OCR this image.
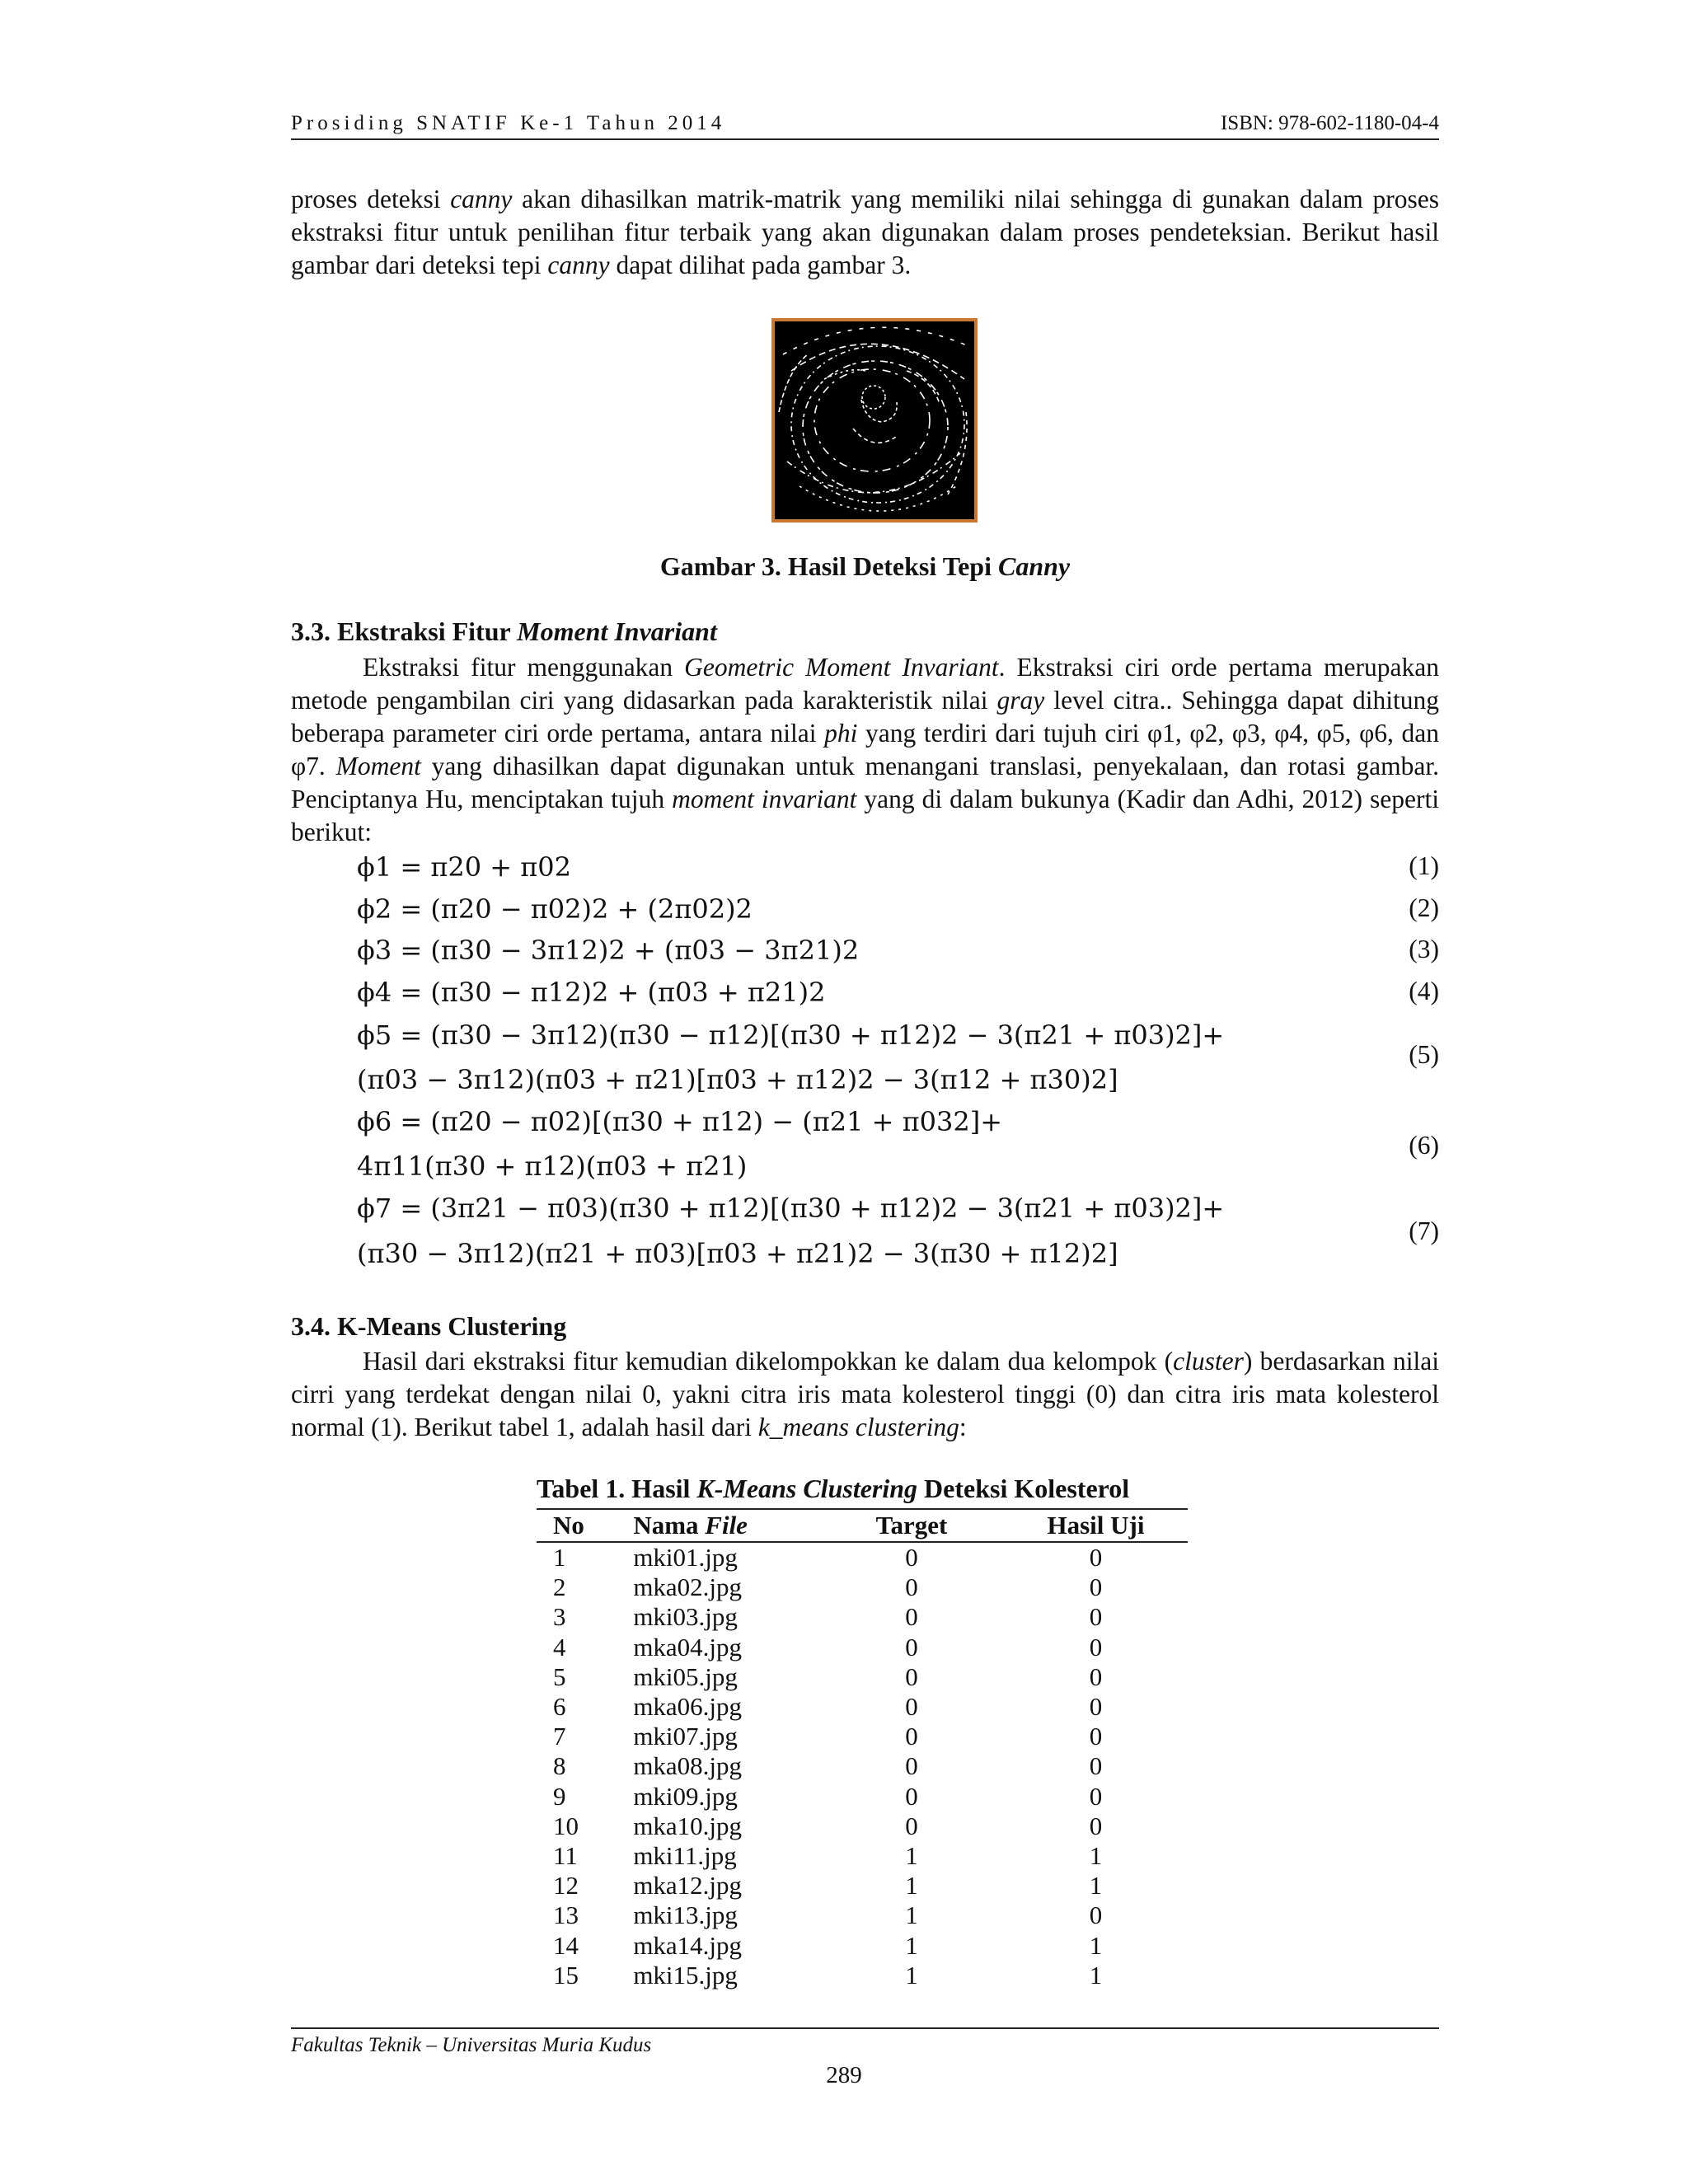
Prosiding SNATIF Ke-1 Tahun 2014	ISBN: 978-602-1180-04-4

proses deteksi canny akan dihasilkan matrik-matrik yang memiliki nilai sehingga di gunakan dalam proses ekstraksi fitur untuk penilihan fitur terbaik yang akan digunakan dalam proses pendeteksian. Berikut hasil gambar dari deteksi tepi canny dapat dilihat pada gambar 3.

Gambar 3. Hasil Deteksi Tepi Canny
3.3. Ekstraksi Fitur Moment Invariant

Ekstraksi fitur menggunakan Geometric Moment Invariant. Ekstraksi ciri orde pertama merupakan metode pengambilan ciri yang didasarkan pada karakteristik nilai gray level citra.. Sehingga dapat dihitung beberapa parameter ciri orde pertama, antara nilai phi yang terdiri dari tujuh ciri φ1, φ2, φ3, φ4, φ5, φ6, dan φ7. Moment yang dihasilkan dapat digunakan untuk menangani translasi, penyekalaan, dan rotasi gambar. Penciptanya Hu, menciptakan tujuh moment invariant yang di dalam bukunya (Kadir dan Adhi, 2012) seperti berikut:

ϕ1 = π20 + π02	(1)
ϕ2 = (π20 − π02)2 + (2π02)2	(2)
ϕ3 = (π30 − 3π12)2 + (π03 − 3π21)2	(3)
ϕ4 = (π30 − π12)2 + (π03 + π21)2	(4)
ϕ5 = (π30 − 3π12)(π30 − π12)[(π30 + π12)2 − 3(π21 + π03)2]+
(π03 − 3π12)(π03 + π21)[π03 + π12)2 − 3(π12 + π30)2]
(5)
ϕ6 = (π20 − π02)[(π30 + π12) − (π21 + π032]+
4π11(π30 + π12)(π03 + π21)
(6)
ϕ7 = (3π21 − π03)(π30 + π12)[(π30 + π12)2 − 3(π21 + π03)2]+
(π30 − 3π12)(π21 + π03)[π03 + π21)2 − 3(π30 + π12)2]
(7)
3.4. K-Means Clustering

Hasil dari ekstraksi fitur kemudian dikelompokkan ke dalam dua kelompok (cluster) berdasarkan nilai cirri yang terdekat dengan nilai 0, yakni citra iris mata kolesterol tinggi (0) dan citra iris mata kolesterol normal (1). Berikut tabel 1, adalah hasil dari k_means clustering:

Tabel 1. Hasil K-Means Clustering Deteksi Kolesterol
No	Nama File	Target	Hasil Uji
1	mki01.jpg	0	0
2	mka02.jpg	0	0
3	mki03.jpg	0	0
4	mka04.jpg	0	0
5	mki05.jpg	0	0
6	mka06.jpg	0	0
7	mki07.jpg	0	0
8	mka08.jpg	0	0
9	mki09.jpg	0	0
10	mka10.jpg	0	0
11	mki11.jpg	1	1
12	mka12.jpg	1	1
13	mki13.jpg	1	0
14	mka14.jpg	1	1
15	mki15.jpg	1	1
Fakultas Teknik – Universitas Muria Kudus
289
